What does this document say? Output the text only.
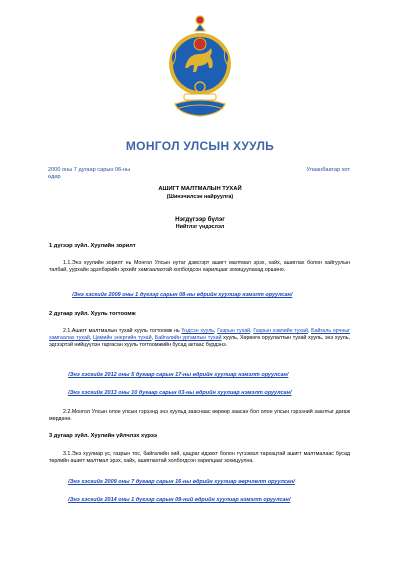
МОНГОЛ УЛСЫН ХУУЛЬ
2000 оны 7 дугаар сарын 06-ны
өдөр
Улаанбаатар хот
АШИГТ МАЛТМАЛЫН ТУХАЙ
(Шинэчилсэн найруулга)
Нэгдүгээр бүлэг
Нийтлэг үндэслэл
1 дүгээр зүйл. Хуулийн зорилт
1.1.Энэ хуулийн зорилт нь Монгол Улсын нутаг дэвсгэрт ашигт малтмал эрэх, хайх, ашиглах болон хайгуулын талбай, уурхайн эдэлбэрийн эрхийг хамгаалахтай холбогдсон харилцааг зохицуулахад оршино.
/Энэ хэсгийг 2009 оны 1 дүгээр сарын 08-ны өдрийн хуулиар нэмэлт оруулсан/
2 дугаар зүйл. Хууль тогтоомж
2.1.Ашигт малтмалын тухай хууль тогтоомж нь Үндсэн хууль, Газрын тухай, Газрын хэвлийн тухай, Байгаль орчныг хамгаалах тухай, Цөмийн энергийн тухай, Байгалийн ургамлын тухай хууль, Хөрөнгө оруулалтын тухай хууль, энэ хууль, эдгээртэй нийцүүлэн гаргасан хууль тогтоомжийн бусад актаас бүрдэнэ.
/Энэ хэсгийг 2012 оны 5 дугаар сарын 17-ны өдрийн хуулиар нэмэлт оруулсан/
/Энэ хэсгийг 2013 оны 10 дугаар сарын 03-ны өдрийн хуулиар нэмэлт оруулсан/
2.2.Монгол Улсын олон улсын гэрээнд энэ хуульд зааснаас өөрөөр заасан бол олон улсын гэрээний заалтыг дагаж мөрдөнө.
3 дугаар зүйл. Хуулийн үйлчлэх хүрээ
3.1.Энэ хуулиар ус, газрын тос, байгалийн хий, цацраг идэвхт болон түгээмэл тархацтай ашигт малтмалаас бусад төрлийн ашигт малтмал эрэх, хайх, ашиглахтай холбогдсон харилцааг зохицуулна.
/Энэ хэсгийг 2009 оны 7 дугаар сарын 16-ны өдрийн хуулиар өөрчлөлт оруулсан/
/Энэ хэсгийг 2014 оны 1 дүгээр сарын 09-ний өдрийн хуулиар нэмэлт оруулсан/
